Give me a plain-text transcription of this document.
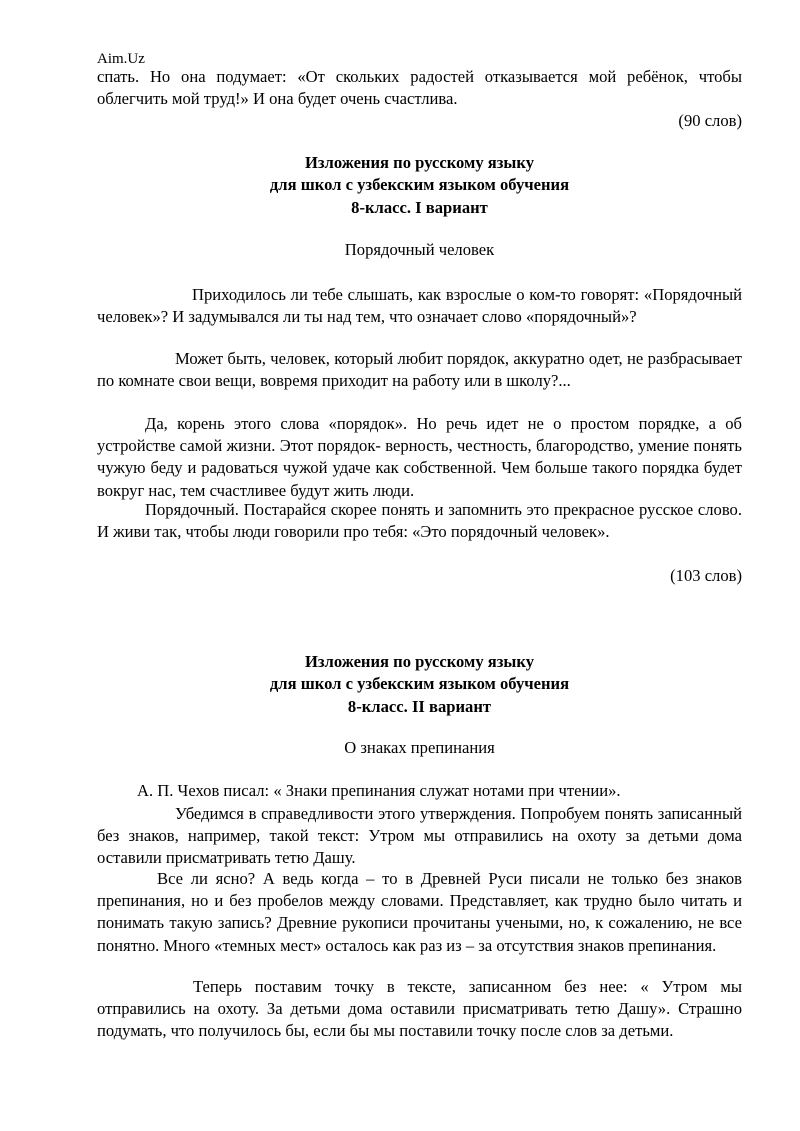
Aim.Uz

спать. Но она подумает: «От скольких радостей отказывается мой ребёнок, чтобы облегчить мой труд!» И она будет очень счастлива.

(90 слов)
Изложения по русскому языку
для школ с узбекским языком обучения
8-класс. I вариант
Порядочный человек

Приходилось ли тебе слышать, как взрослые о ком-то говорят: «Порядочный человек»? И задумывался ли ты над тем, что означает слово «порядочный»?

Может быть, человек, который любит порядок, аккуратно одет, не разбрасывает по комнате свои вещи, вовремя приходит на работу или в школу?...

Да, корень этого слова «порядок». Но речь идет не о простом порядке, а об устройстве самой жизни. Этот порядок- верность, честность, благородство, умение понять чужую беду и радоваться чужой удаче как собственной. Чем больше такого порядка будет вокруг нас, тем счастливее будут жить люди.

Порядочный. Постарайся скорее понять и запомнить это прекрасное русское слово. И живи так, чтобы люди говорили про тебя: «Это порядочный человек».

(103 слов)
Изложения по русскому языку
для школ с узбекским языком обучения
8-класс. II вариант
О знаках препинания

А. П. Чехов писал: « Знаки препинания служат нотами при чтении».

Убедимся в справедливости этого утверждения. Попробуем понять записанный без знаков, например, такой текст: Утром мы отправились на охоту за детьми дома оставили присматривать тетю Дашу.

Все ли ясно? А ведь когда – то в Древней Руси писали не только без знаков препинания, но и без пробелов между словами. Представляет, как трудно было читать и понимать такую запись? Древние рукописи прочитаны учеными, но, к сожалению, не все понятно. Много «темных мест» осталось как раз из – за отсутствия знаков препинания.

Теперь поставим точку в тексте, записанном без нее: « Утром мы отправились на охоту. За детьми дома оставили присматривать тетю Дашу». Страшно подумать, что получилось бы, если бы мы поставили точку после слов за детьми.
